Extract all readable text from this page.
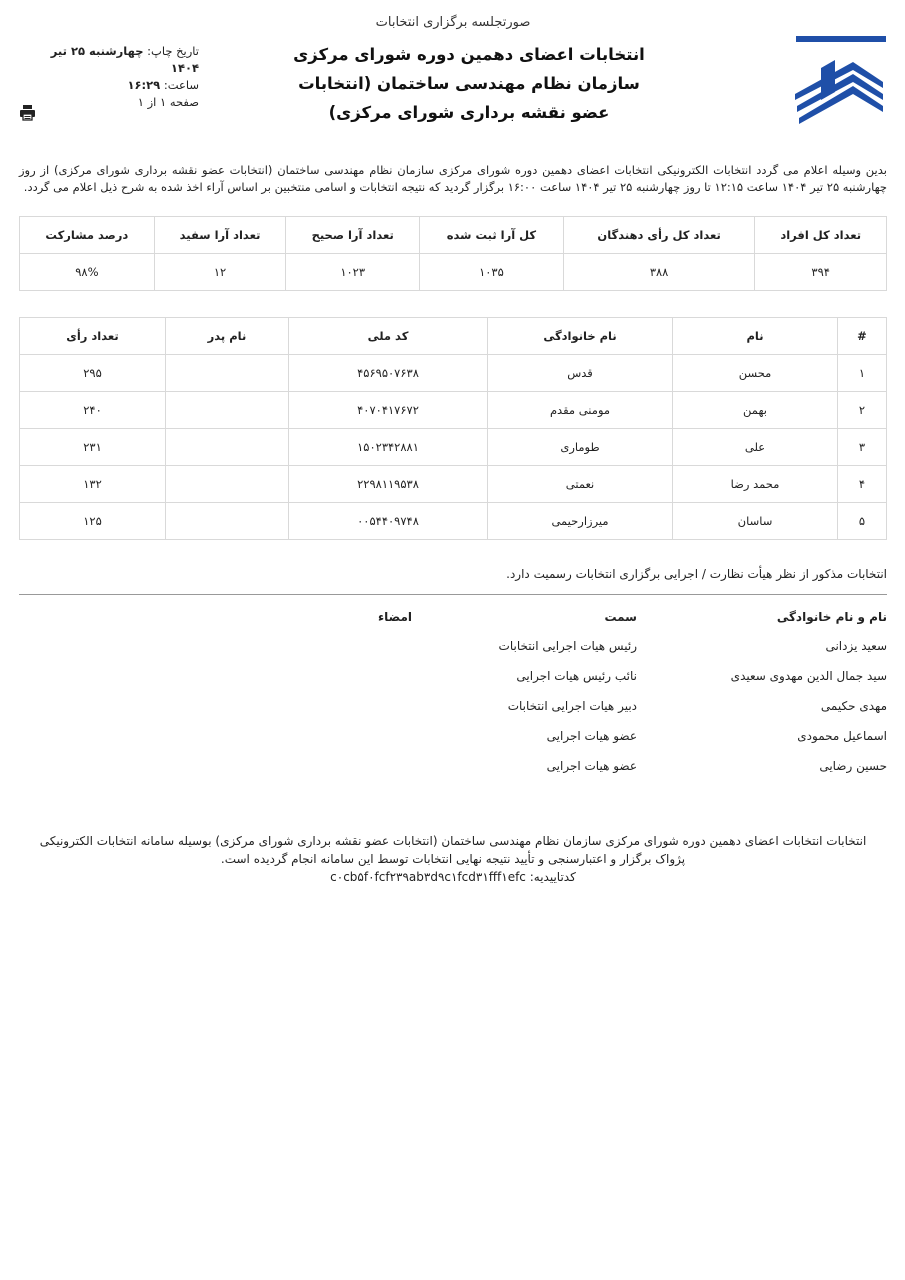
صورتجلسه برگزاری انتخابات
انتخابات اعضای دهمین دوره شورای مرکزی سازمان نظام مهندسی ساختمان (انتخابات عضو نقشه برداری شورای مرکزی)
تاریخ چاپ: چهارشنبه ۲۵ تیر ۱۴۰۴
ساعت: ۱۶:۲۹
صفحه ۱ از ۱

بدین وسیله اعلام می گردد انتخابات الکترونیکی انتخابات اعضای دهمین دوره شورای مرکزی سازمان نظام مهندسی ساختمان (انتخابات عضو نقشه برداری شورای مرکزی) از روز چهارشنبه ۲۵ تیر ۱۴۰۴ ساعت ۱۲:۱۵ تا روز چهارشنبه ۲۵ تیر ۱۴۰۴ ساعت ۱۶:۰۰ برگزار گردید که نتیجه انتخابات و اسامی منتخبین بر اساس آراء اخذ شده به شرح ذیل اعلام می گردد.

تعداد کل افراد	تعداد کل رأی دهندگان	کل آرا ثبت شده	تعداد آرا صحیح	تعداد آرا سفید	درصد مشارکت
۳۹۴	۳۸۸	۱۰۳۵	۱۰۲۳	۱۲	۹۸%
#	نام	نام خانوادگی	کد ملی	نام پدر	تعداد رأی
۱	محسن	قدس	۴۵۶۹۵۰۷۶۳۸		۲۹۵
۲	بهمن	مومنی مقدم	۴۰۷۰۴۱۷۶۷۲		۲۴۰
۳	علی	طوماری	۱۵۰۲۳۴۲۸۸۱		۲۳۱
۴	محمد رضا	نعمتی	۲۲۹۸۱۱۹۵۳۸		۱۳۲
۵	ساسان	میرزارحیمی	۰۰۵۴۴۰۹۷۴۸		۱۲۵
انتخابات مذکور از نظر هیأت نظارت / اجرایی برگزاری انتخابات رسمیت دارد.
نام و نام خانوادگی	سمت	امضاء
سعید یزدانی	رئیس هیات اجرایی انتخابات	
سید جمال الدین مهدوی سعیدی	نائب رئیس هیات اجرایی	
مهدی حکیمی	دبیر هیات اجرایی انتخابات	
اسماعیل محمودی	عضو هیات اجرایی	
حسین رضایی	عضو هیات اجرایی	
انتخابات انتخابات اعضای دهمین دوره شورای مرکزی سازمان نظام مهندسی ساختمان (انتخابات عضو نقشه برداری شورای مرکزی) بوسیله سامانه انتخابات الکترونیکی پژواک برگزار و اعتبارسنجی و تأیید نتیجه نهایی انتخابات توسط این سامانه انجام گردیده است.
کدتاییدیه: c۰cb۵f۰fcf۲۳۹ab۳d۹c۱fcd۳۱fff۱efc
